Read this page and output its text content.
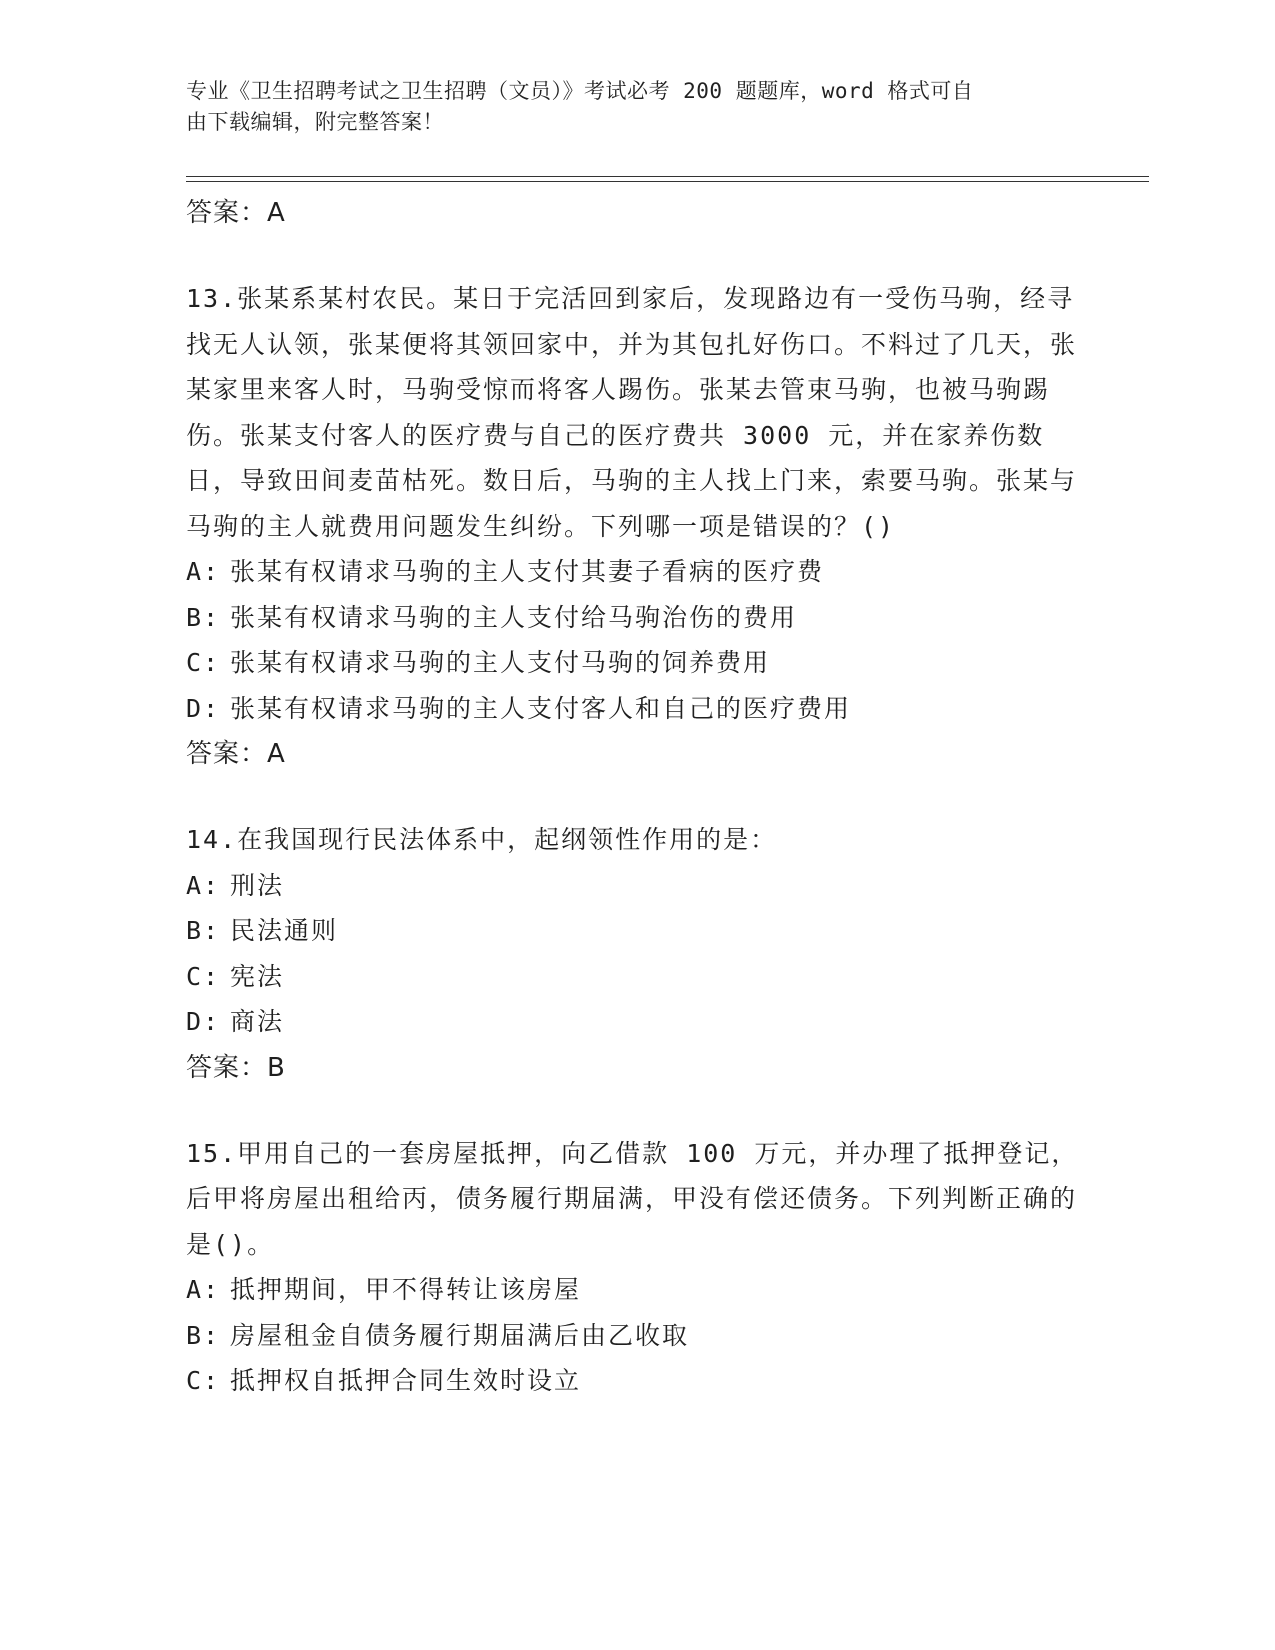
专业《卫生招聘考试之卫生招聘（文员）》考试必考 200 题题库，word 格式可自
由下载编辑，附完整答案！
答案：A

13.张某系某村农民。某日于完活回到家后，发现路边有一受伤马驹，经寻找无人认领，张某便将其领回家中，并为其包扎好伤口。不料过了几天，张某家里来客人时，马驹受惊而将客人踢伤。张某去管束马驹，也被马驹踢伤。张某支付客人的医疗费与自己的医疗费共 3000 元，并在家养伤数日，导致田间麦苗枯死。数日后，马驹的主人找上门来，索要马驹。张某与马驹的主人就费用问题发生纠纷。下列哪一项是错误的？()

A: 张某有权请求马驹的主人支付其妻子看病的医疗费
B: 张某有权请求马驹的主人支付给马驹治伤的费用
C: 张某有权请求马驹的主人支付马驹的饲养费用
D: 张某有权请求马驹的主人支付客人和自己的医疗费用
答案：A

14.在我国现行民法体系中，起纲领性作用的是：

A: 刑法
B: 民法通则
C: 宪法
D: 商法
答案：B

15.甲用自己的一套房屋抵押，向乙借款 100 万元，并办理了抵押登记，后甲将房屋出租给丙，债务履行期届满，甲没有偿还债务。下列判断正确的是()。

A: 抵押期间，甲不得转让该房屋
B: 房屋租金自债务履行期届满后由乙收取
C: 抵押权自抵押合同生效时设立
